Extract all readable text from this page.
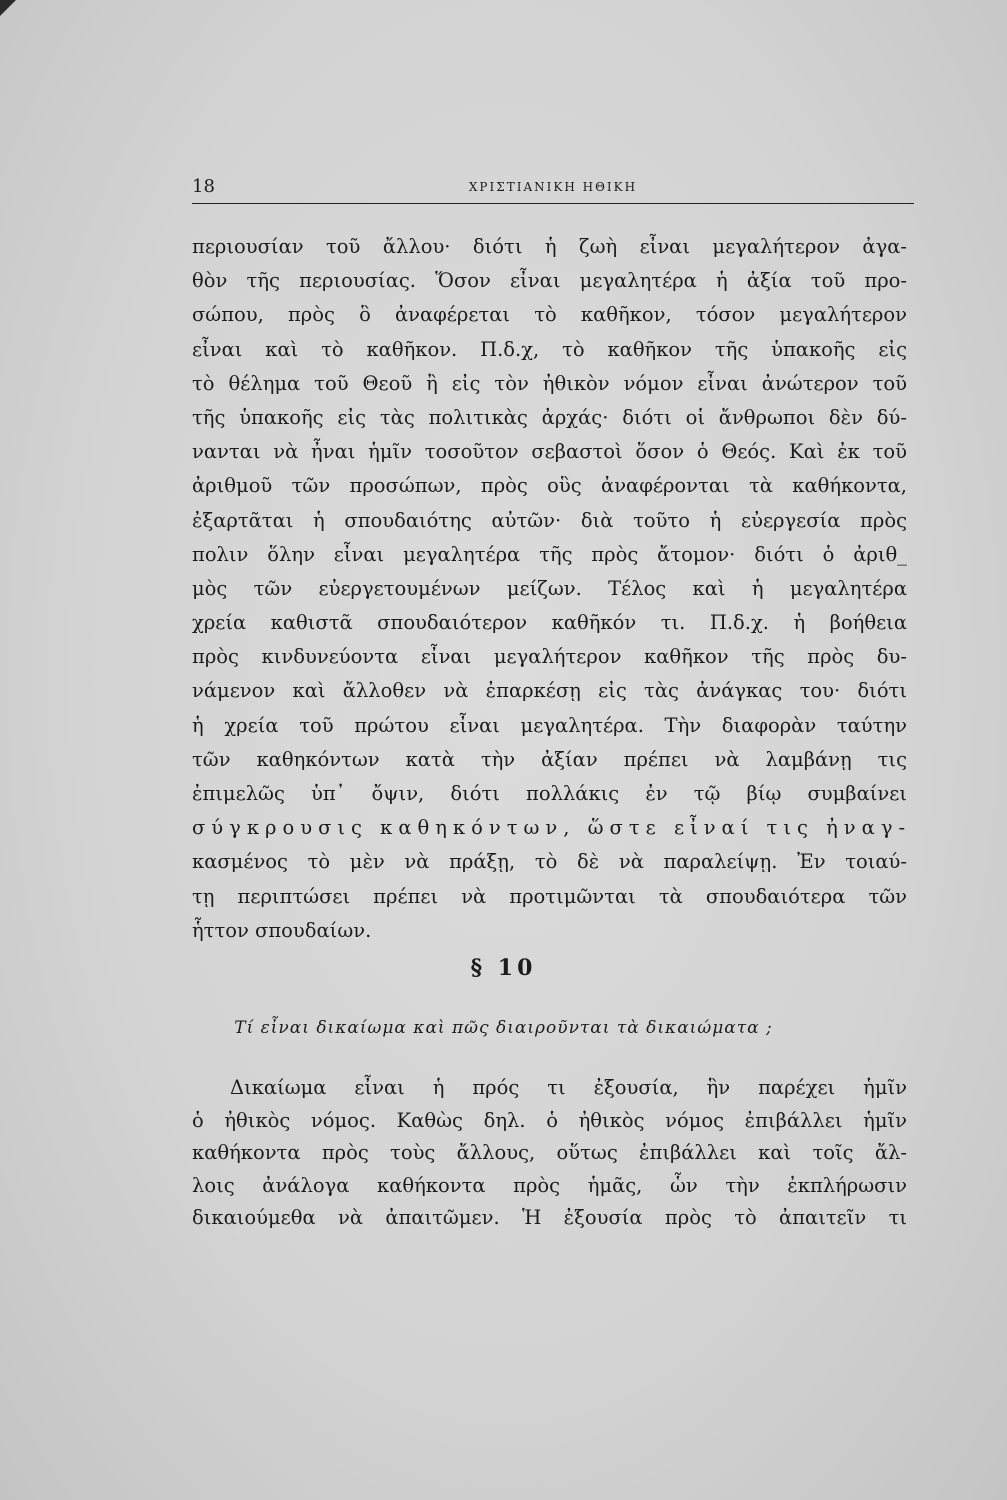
18	ΧΡΙΣΤΙΑΝΙΚΗ ΗΘΙΚΗ
περιουσίαν τοῦ ἄλλου· διότι ἡ ζωὴ εἶναι μεγαλήτερον ἀγα-
θὸν τῆς περιουσίας. Ὅσον εἶναι μεγαλητέρα ἡ ἀξία τοῦ προ-
σώπου, πρὸς ὃ ἀναφέρεται τὸ καθῆκον, τόσον μεγαλήτερον
εἶναι καὶ τὸ καθῆκον. Π.δ.χ, τὸ καθῆκον τῆς ὑπακοῆς εἰς
τὸ θέλημα τοῦ Θεοῦ ἢ εἰς τὸν ἠθικὸν νόμον εἶναι ἀνώτερον τοῦ
τῆς ὑπακοῆς εἰς τὰς πολιτικὰς ἀρχάς· διότι οἱ ἄνθρωποι δὲν δύ-
νανται νὰ ἦναι ἡμῖν τοσοῦτον σεβαστοὶ ὅσον ὁ Θεός. Καὶ ἐκ τοῦ
ἀριθμοῦ τῶν προσώπων, πρὸς οὓς ἀναφέρονται τὰ καθήκοντα,
ἐξαρτᾶται ἡ σπουδαιότης αὐτῶν· διὰ τοῦτο ἡ εὐεργεσία πρὸς
πολιν ὅλην εἶναι μεγαλητέρα τῆς πρὸς ἄτομον· διότι ὁ ἀριθ_
μὸς τῶν εὐεργετουμένων μείζων. Τέλος καὶ ἡ μεγαλητέρα
χρεία καθιστᾶ σπουδαιότερον καθῆκόν τι. Π.δ.χ. ἡ βοήθεια
πρὸς κινδυνεύοντα εἶναι μεγαλήτερον καθῆκον τῆς πρὸς δυ-
νάμενον καὶ ἄλλοθεν νὰ ἐπαρκέσῃ εἰς τὰς ἀνάγκας του· διότι
ἡ χρεία τοῦ πρώτου εἶναι μεγαλητέρα. Τὴν διαφορὰν ταύτην
τῶν καθηκόντων κατὰ τὴν ἀξίαν πρέπει νὰ λαμβάνῃ τις
ἐπιμελῶς ὑπ᾽ ὄψιν, διότι πολλάκις ἐν τῷ βίῳ συμβαίνει
σύγκρουσις καθηκόντων, ὥστε εἶναί τις ἠναγ-
κασμένος τὸ μὲν νὰ πράξῃ, τὸ δὲ νὰ παραλείψῃ. Ἐν τοιαύ-
τῃ περιπτώσει πρέπει νὰ προτιμῶνται τὰ σπουδαιότερα τῶν
ἧττον σπουδαίων.
§ 10
Τί εἶναι δικαίωμα καὶ πῶς διαιροῦνται τὰ δικαιώματα ;
Δικαίωμα εἶναι ἡ πρός τι ἐξουσία, ἣν παρέχει ἡμῖν
ὁ ἠθικὸς νόμος. Καθὼς δηλ. ὁ ἠθικὸς νόμος ἐπιβάλλει ἡμῖν
καθήκοντα πρὸς τοὺς ἄλλους, οὕτως ἐπιβάλλει καὶ τοῖς ἄλ-
λοις ἀνάλογα καθήκοντα πρὸς ἡμᾶς, ὧν τὴν ἐκπλήρωσιν
δικαιούμεθα νὰ ἀπαιτῶμεν. Ἡ ἐξουσία πρὸς τὸ ἀπαιτεῖν τι
